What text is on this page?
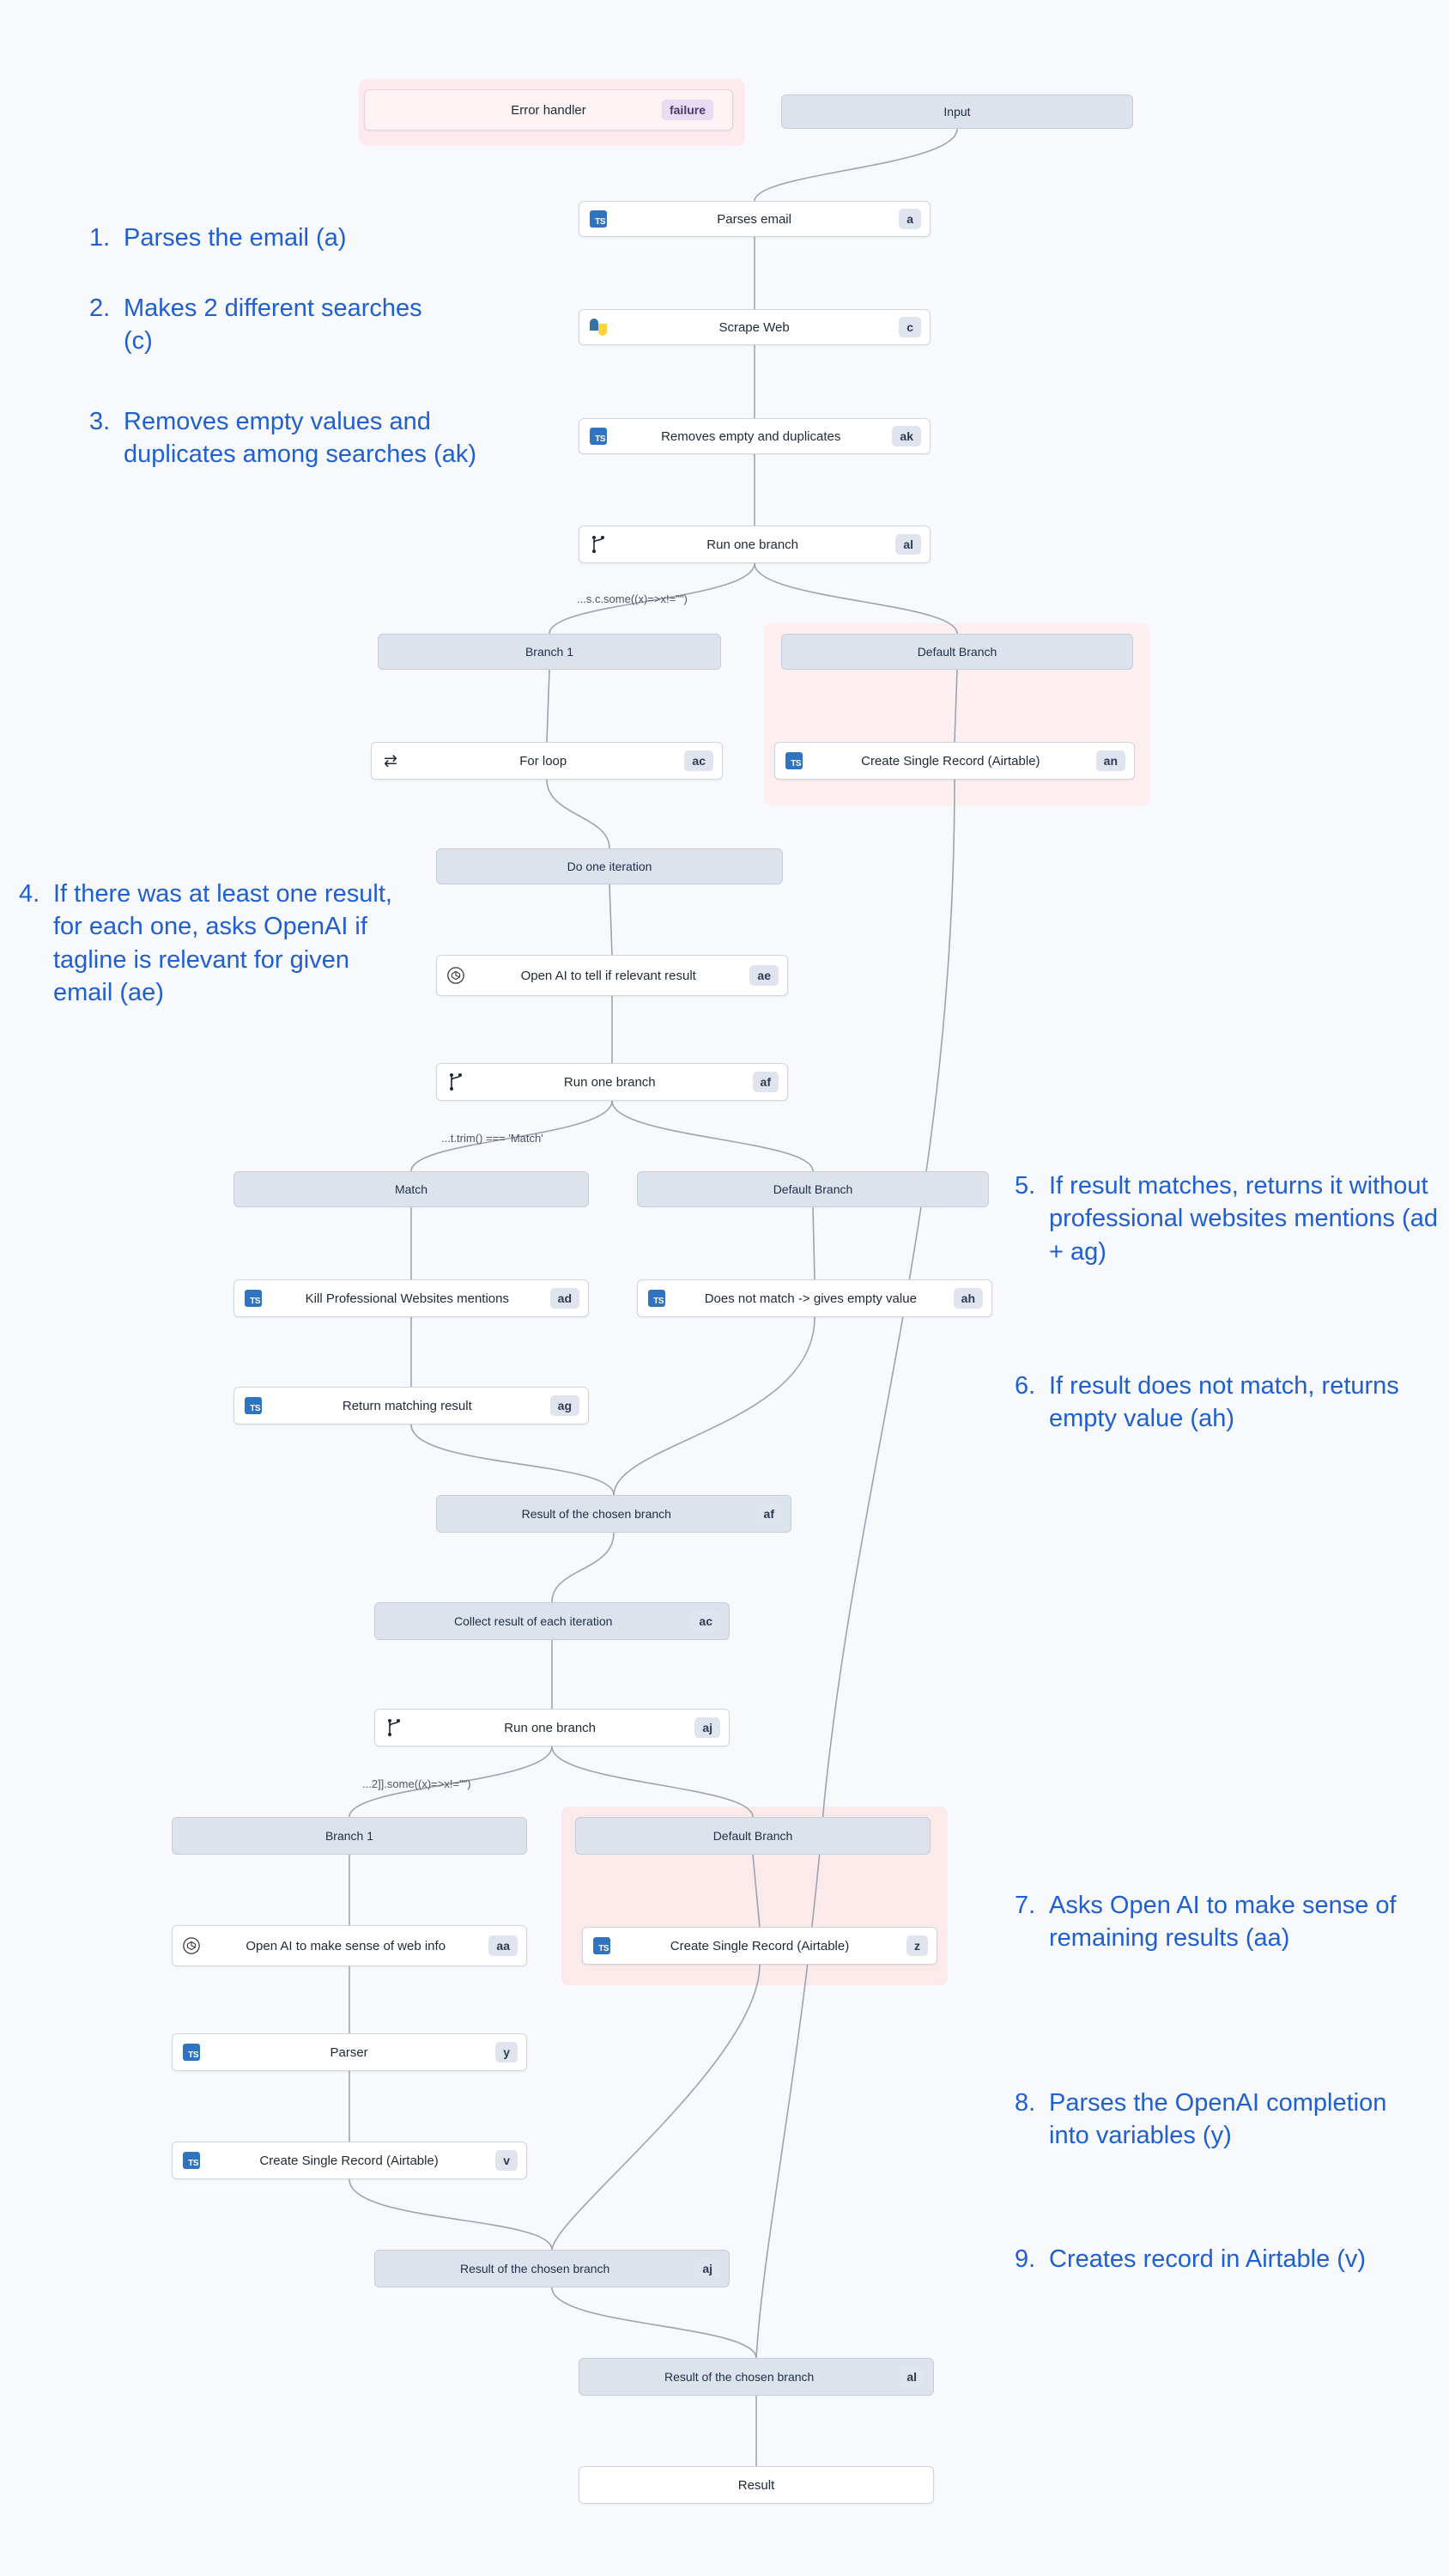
Error handler	failure	Input
TS	Parses email	a
Scrape Web	c
TS	Removes empty and duplicates	ak
Run one branch	al
Branch 1	Default Branch
⇄	For loop	ac	TS	Create Single Record (Airtable)	an
Do one iteration
Open AI to tell if relevant result	ae
Run one branch	af
Match	Default Branch
TS	Kill Professional Websites mentions	ad	TS	Does not match -> gives empty value	ah
TS	Return matching result	ag
Result of the chosen branch	af
Collect result of each iteration	ac
Run one branch	aj
Branch 1	Default Branch
Open AI to make sense of web info	aa	TS	Create Single Record (Airtable)	z
TS	Parser	y
TS	Create Single Record (Airtable)	v
Result of the chosen branch	aj
Result of the chosen branch	al
Result
...s.c.some((x)=>x!="")
...t.trim() === 'Match'
...2]].some((x)=>x!="")
1. Parses the email (a)
2. Makes 2 different searches (c)
3. Removes empty values and duplicates among searches (ak)
4. If there was at least one result, for each one, asks OpenAI if tagline is relevant for given email (ae)
5. If result matches, returns it without professional websites mentions (ad + ag)
6. If result does not match, returns empty value (ah)
7. Asks Open AI to make sense of remaining results (aa)
8. Parses the OpenAI completion into variables (y)
9. Creates record in Airtable (v)
